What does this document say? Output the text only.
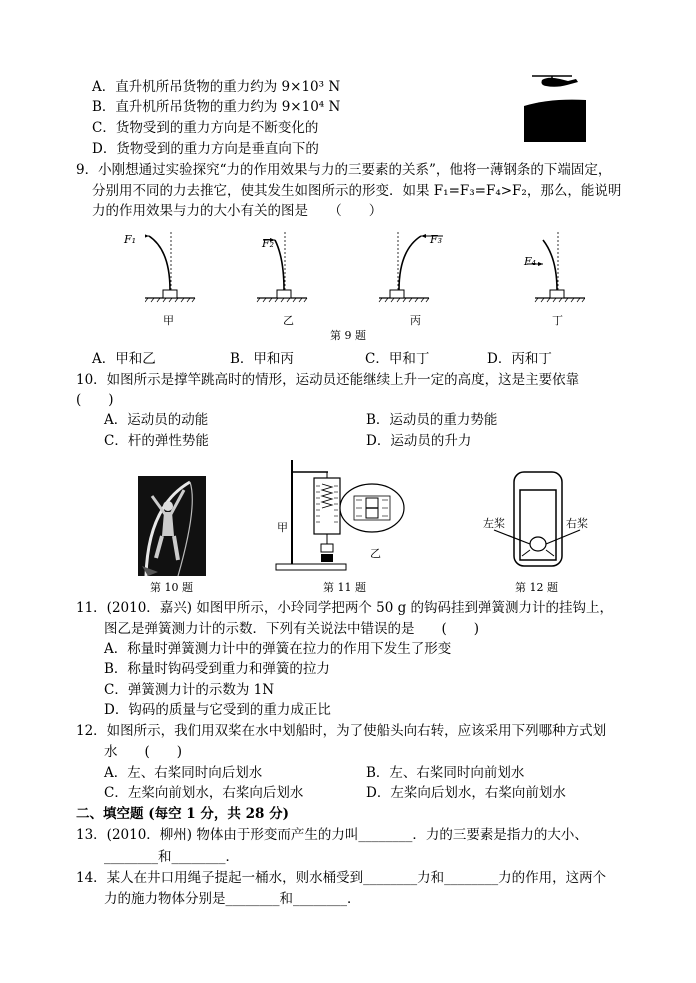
A．直升机所吊货物的重力约为 9×10³ N
B．直升机所吊货物的重力约为 9×10⁴ N
C．货物受到的重力方向是不断变化的
D．货物受到的重力方向是垂直向下的
9．小刚想通过实验探究“力的作用效果与力的三要素的关系”，他将一薄钢条的下端固定，
分别用不同的力去推它，使其发生如图所示的形变．如果 F₁=F₃=F₄>F₂，那么，能说明
力的作用效果与力的大小有关的图是　　（　　）
F₁	F₂	F₃
F₄
甲	乙	丙	丁
第 9 题
A．甲和乙	B．甲和丙	C．甲和丁	D．丙和丁
10．如图所示是撑竿跳高时的情形，运动员还能继续上升一定的高度，这是主要依靠
(　　)
A．运动员的动能	B．运动员的重力势能
C．杆的弹性势能	D．运动员的升力
第 10 题
甲
乙
第 11 题
左桨	右桨
第 12 题
11．(2010．嘉兴) 如图甲所示，小玲同学把两个 50 g 的钩码挂到弹簧测力计的挂钩上，
图乙是弹簧测力计的示数．下列有关说法中错误的是　　(　　)
A．称量时弹簧测力计中的弹簧在拉力的作用下发生了形变
B．称量时钩码受到重力和弹簧的拉力
C．弹簧测力计的示数为 1N
D．钩码的质量与它受到的重力成正比
12．如图所示，我们用双桨在水中划船时，为了使船头向右转，应该采用下列哪种方式划
水　　(　　)
A．左、右桨同时向后划水	B．左、右桨同时向前划水
C．左桨向前划水，右桨向后划水	D．左桨向后划水，右桨向前划水
二、填空题 (每空 1 分，共 28 分)
13．(2010．柳州) 物体由于形变而产生的力叫________．力的三要素是指力的大小、
________和________．
14．某人在井口用绳子提起一桶水，则水桶受到________力和________力的作用，这两个
力的施力物体分别是________和________．
